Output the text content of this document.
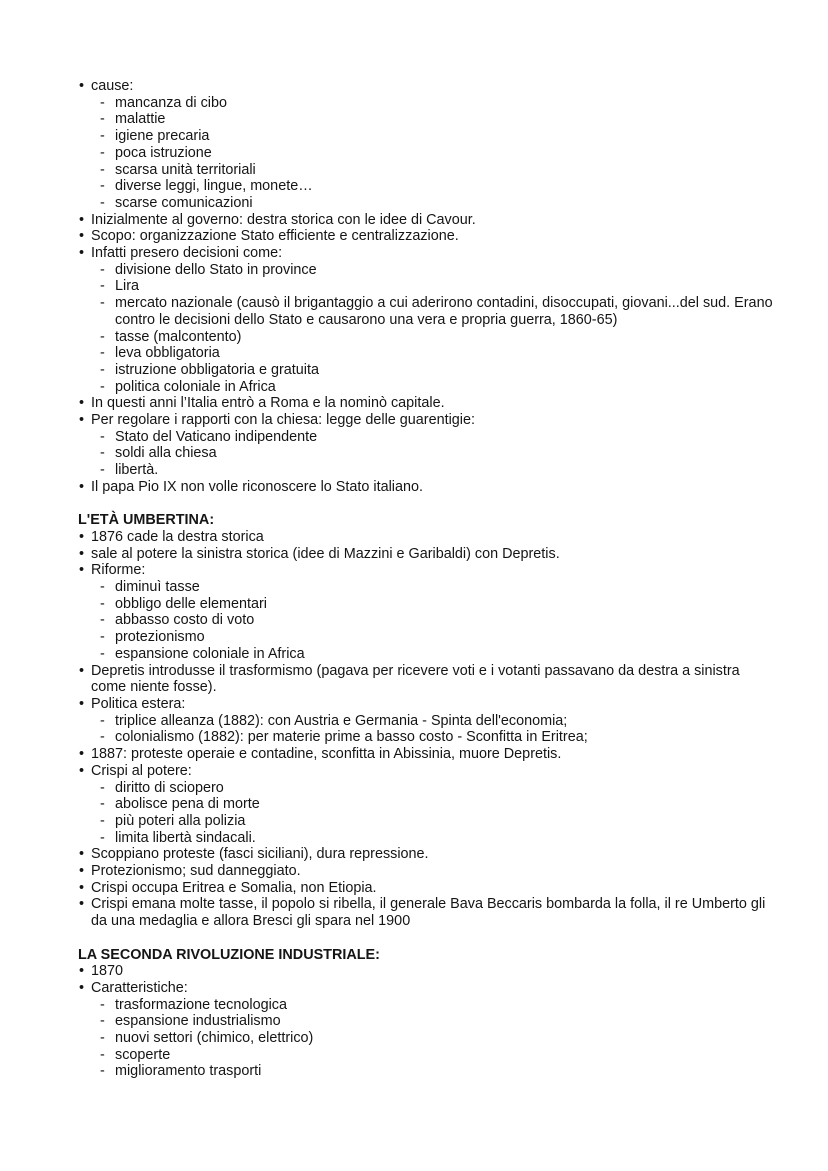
• cause:
- mancanza di cibo
- malattie
- igiene precaria
- poca istruzione
- scarsa unità territoriali
- diverse leggi, lingue, monete…
- scarse comunicazioni
• Inizialmente al governo: destra storica con le idee di Cavour.
• Scopo: organizzazione Stato efficiente e centralizzazione.
• Infatti presero decisioni come:
- divisione dello Stato in province
- Lira
- mercato nazionale (causò il brigantaggio a cui aderirono contadini, disoccupati, giovani...del sud. Erano contro le decisioni dello Stato e causarono una vera e propria guerra, 1860-65)
- tasse (malcontento)
- leva obbligatoria
- istruzione obbligatoria e gratuita
- politica coloniale in Africa
• In questi anni l’Italia entrò a Roma e la nominò capitale.
• Per regolare i rapporti con la chiesa: legge delle guarentigie:
- Stato del Vaticano indipendente
- soldi alla chiesa
- libertà.
• Il papa Pio IX non volle riconoscere lo Stato italiano.
L'ETÀ UMBERTINA:
• 1876 cade la destra storica
• sale al potere la sinistra storica (idee di Mazzini e Garibaldi) con Depretis.
• Riforme:
- diminuì tasse
- obbligo delle elementari
- abbasso costo di voto
- protezionismo
- espansione coloniale in Africa
• Depretis introdusse il trasformismo (pagava per ricevere voti e i votanti passavano da destra a sinistra come niente fosse).
• Politica estera:
- triplice alleanza (1882): con Austria e Germania - Spinta dell'economia;
- colonialismo (1882): per materie prime a basso costo - Sconfitta in Eritrea;
• 1887: proteste operaie e contadine, sconfitta in Abissinia, muore Depretis.
• Crispi al potere:
- diritto di sciopero
- abolisce pena di morte
- più poteri alla polizia
- limita libertà sindacali.
• Scoppiano proteste (fasci siciliani), dura repressione.
• Protezionismo; sud danneggiato.
• Crispi occupa Eritrea e Somalia, non Etiopia.
• Crispi emana molte tasse, il popolo si ribella, il generale Bava Beccaris bombarda la folla, il re Umberto gli da una medaglia e allora Bresci gli spara nel 1900
LA SECONDA RIVOLUZIONE INDUSTRIALE:
• 1870
• Caratteristiche:
- trasformazione tecnologica
- espansione industrialismo
- nuovi settori (chimico, elettrico)
- scoperte
- miglioramento trasporti
